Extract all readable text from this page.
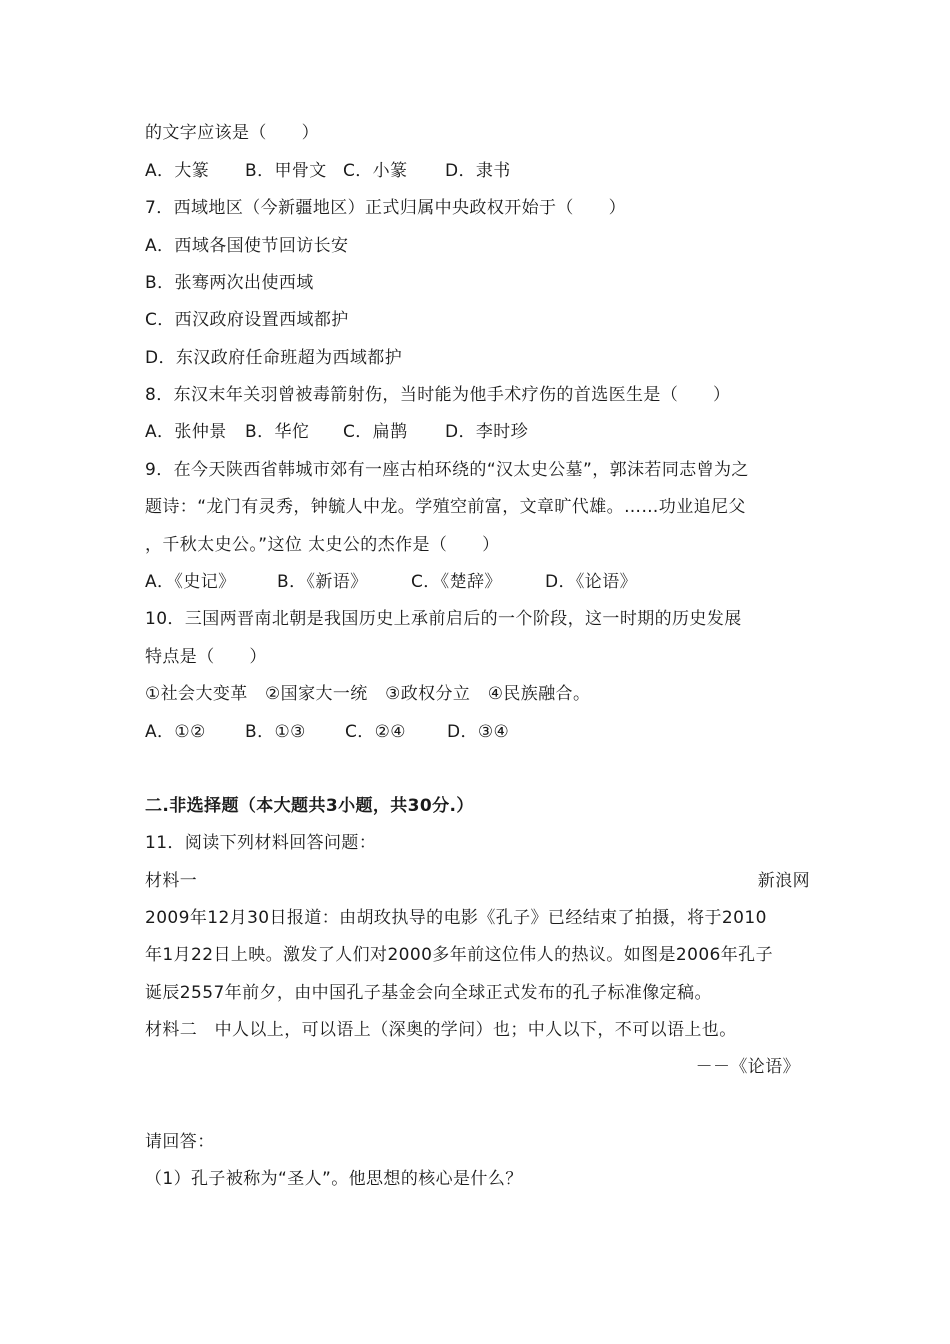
的文字应该是（　　）
A．大篆 B．甲骨文 C．小篆 D．隶书
7．西域地区（今新疆地区）正式归属中央政权开始于（　　）
A．西域各国使节回访长安
B．张骞两次出使西域
C．西汉政府设置西域都护
D．东汉政府任命班超为西域都护
8．东汉末年关羽曾被毒箭射伤，当时能为他手术疗伤的首选医生是（　　）
A．张仲景 B．华佗 C．扁鹊 D．李时珍
9．在今天陕西省韩城市郊有一座古柏环绕的“汉太史公墓”，郭沫若同志曾为之
题诗：“龙门有灵秀，钟毓人中龙。学殖空前富，文章旷代雄。……功业追尼父
，千秋太史公。”这位 太史公的杰作是（　　）
A．《史记》 B．《新语》	C．《楚辞》	D．《论语》
10．三国两晋南北朝是我国历史上承前启后的一个阶段，这一时期的历史发展
特点是（　　）
①社会大变革　②国家大一统　③政权分立　④民族融合。
A．①② B．①③ C．②④ D．③④
二.非选择题（本大题共3小题，共30分.）
11．阅读下列材料回答问题：
材料一	新浪网
2009年12月30日报道：由胡玫执导的电影《孔子》已经结束了拍摄，将于2010
年1月22日上映。激发了人们对2000多年前这位伟人的热议。如图是2006年孔子
诞辰2557年前夕，由中国孔子基金会向全球正式发布的孔子标准像定稿。
材料二　中人以上，可以语上（深奥的学问）也；中人以下，不可以语上也。
－－《论语》
请回答：
（1）孔子被称为“圣人”。他思想的核心是什么？
